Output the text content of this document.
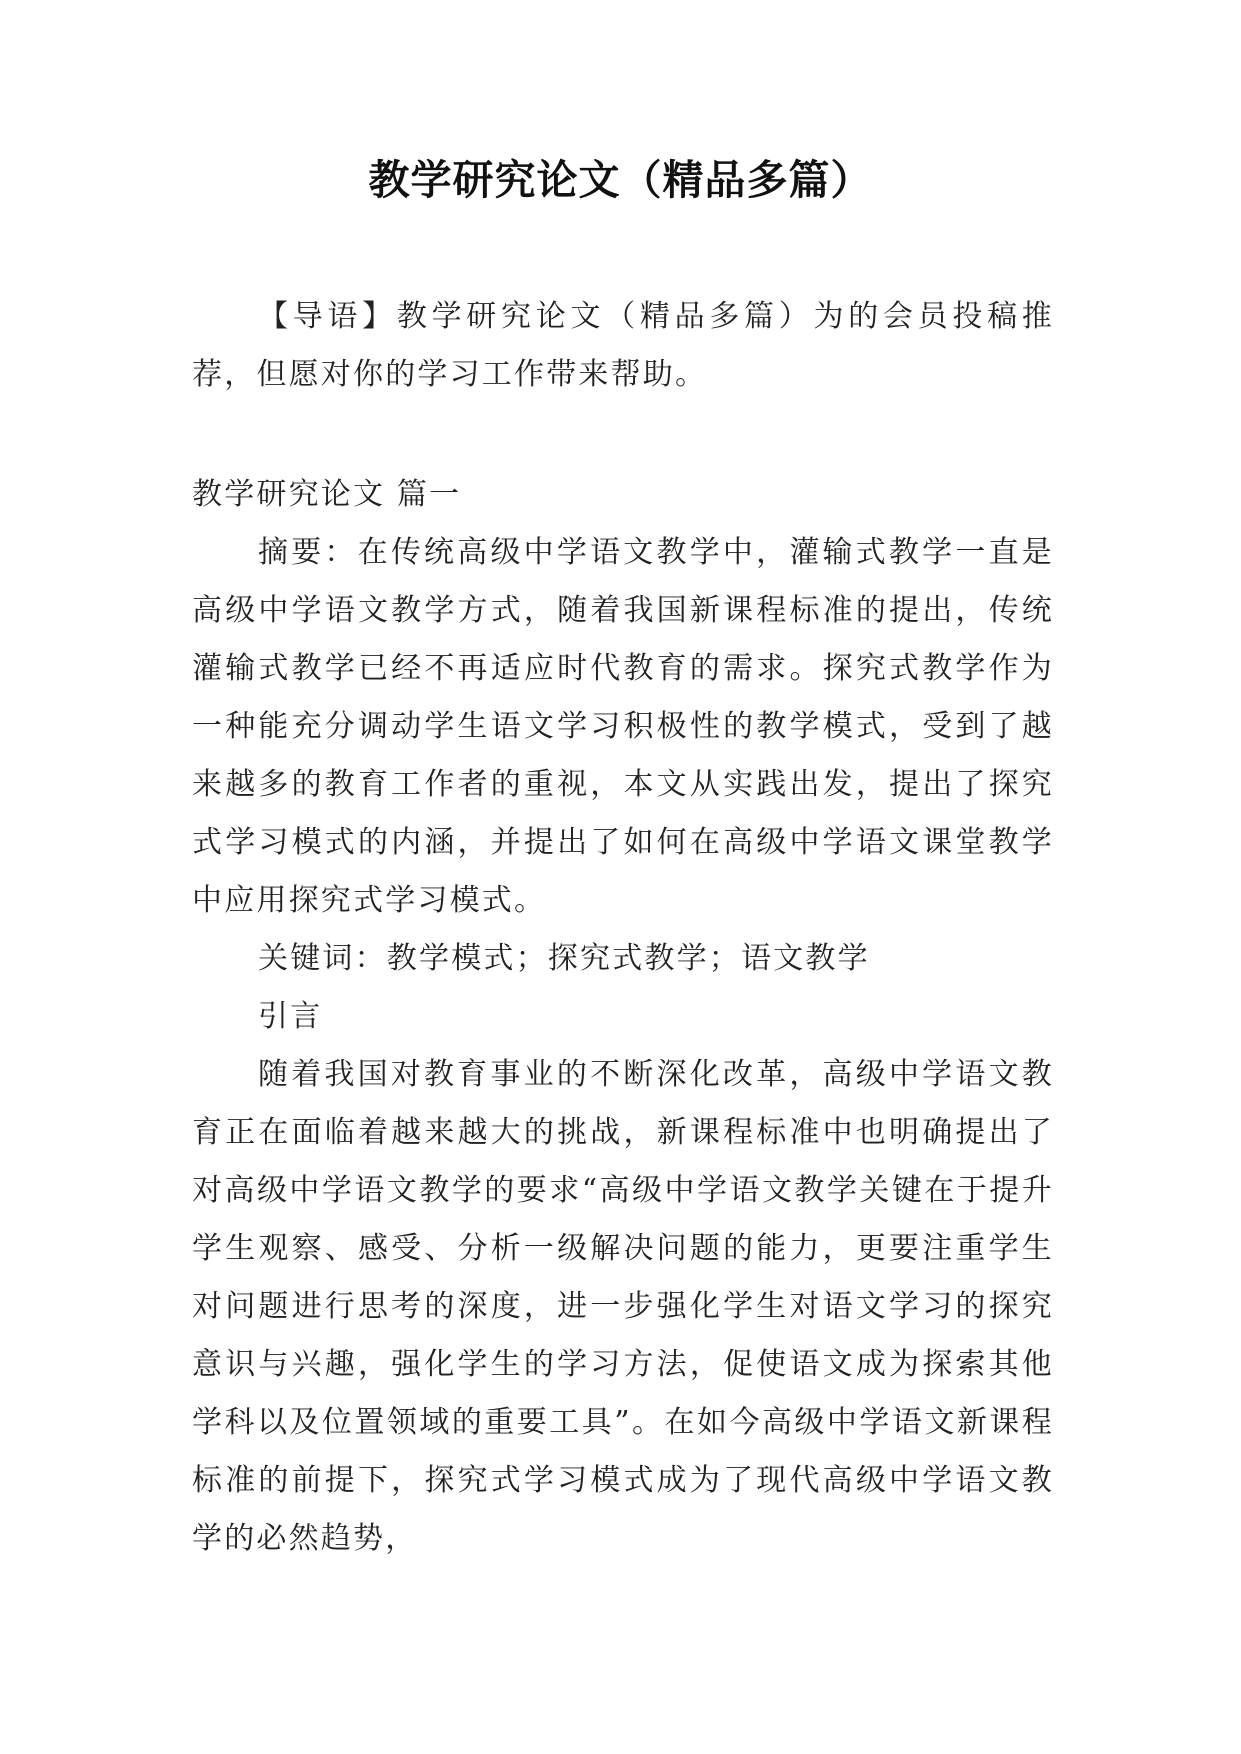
教学研究论文（精品多篇）
【导语】教学研究论文（精品多篇）为的会员投稿推荐，但愿对你的学习工作带来帮助。
教学研究论文 篇一
摘要：在传统高级中学语文教学中，灌输式教学一直是高级中学语文教学方式，随着我国新课程标准的提出，传统灌输式教学已经不再适应时代教育的需求。探究式教学作为一种能充分调动学生语文学习积极性的教学模式，受到了越来越多的教育工作者的重视，本文从实践出发，提出了探究式学习模式的内涵，并提出了如何在高级中学语文课堂教学中应用探究式学习模式。
关键词：教学模式；探究式教学；语文教学
引言
随着我国对教育事业的不断深化改革，高级中学语文教育正在面临着越来越大的挑战，新课程标准中也明确提出了对高级中学语文教学的要求“高级中学语文教学关键在于提升学生观察、感受、分析一级解决问题的能力，更要注重学生对问题进行思考的深度，进一步强化学生对语文学习的探究意识与兴趣，强化学生的学习方法，促使语文成为探索其他学科以及位置领域的重要工具”。在如今高级中学语文新课程标准的前提下，探究式学习模式成为了现代高级中学语文教学的必然趋势，
